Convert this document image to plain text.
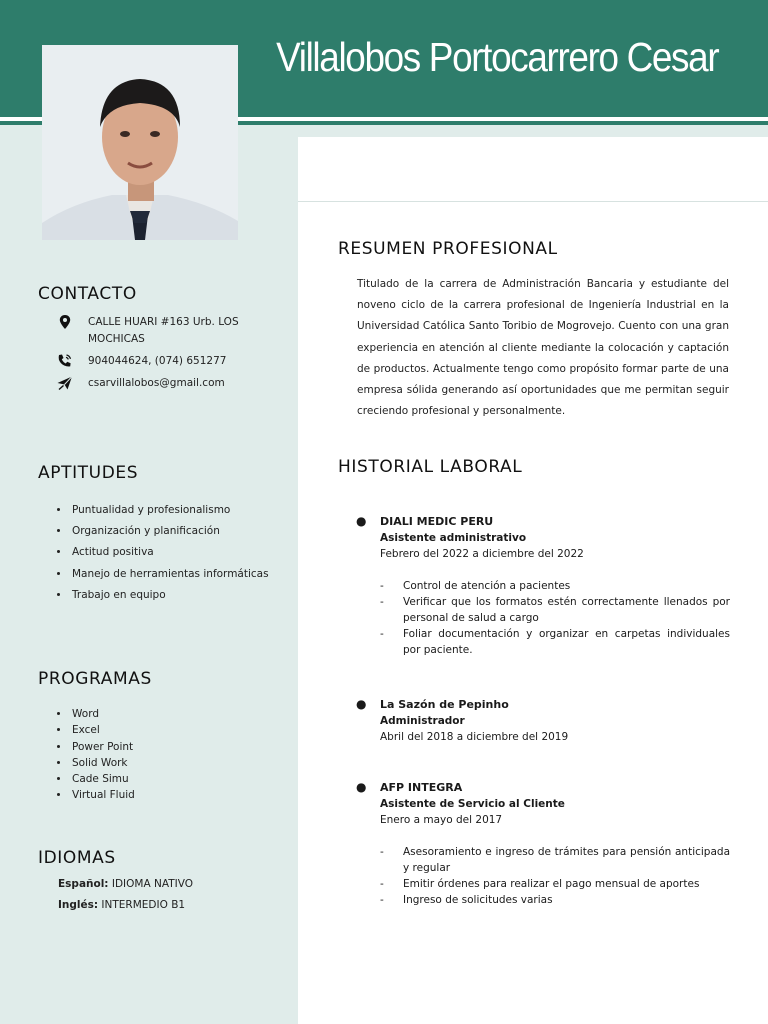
Villalobos Portocarrero Cesar
CONTACTO
CALLE HUARI #163 Urb. LOS MOCHICAS
904044624, (074) 651277
csarvillalobos@gmail.com
APTITUDES
• Puntualidad y profesionalismo
• Organización y planificación
• Actitud positiva
• Manejo de herramientas informáticas
• Trabajo en equipo
PROGRAMAS
• Word
• Excel
• Power Point
• Solid Work
• Cade Simu
• Virtual Fluid
IDIOMAS
Español: IDIOMA NATIVO
Inglés: INTERMEDIO B1
RESUMEN PROFESIONAL

Titulado de la carrera de Administración Bancaria y estudiante del noveno ciclo de la carrera profesional de Ingeniería Industrial en la Universidad Católica Santo Toribio de Mogrovejo. Cuento con una gran experiencia en atención al cliente mediante la colocación y captación de productos. Actualmente tengo como propósito formar parte de una empresa sólida generando así oportunidades que me permitan seguir creciendo profesional y personalmente.

HISTORIAL LABORAL
●	DIALI MEDIC PERU
Asistente administrativo
Febrero del 2022 a diciembre del 2022
-	Control de atención a pacientes
-	Verificar que los formatos estén correctamente llenados por personal de salud a cargo
-	Foliar documentación y organizar en carpetas individuales por paciente.
●	La Sazón de Pepinho
Administrador
Abril del 2018 a diciembre del 2019
●	AFP INTEGRA
Asistente de Servicio al Cliente
Enero a mayo del 2017
-	Asesoramiento e ingreso de trámites para pensión anticipada y regular
-	Emitir órdenes para realizar el pago mensual de aportes
-	Ingreso de solicitudes varias
